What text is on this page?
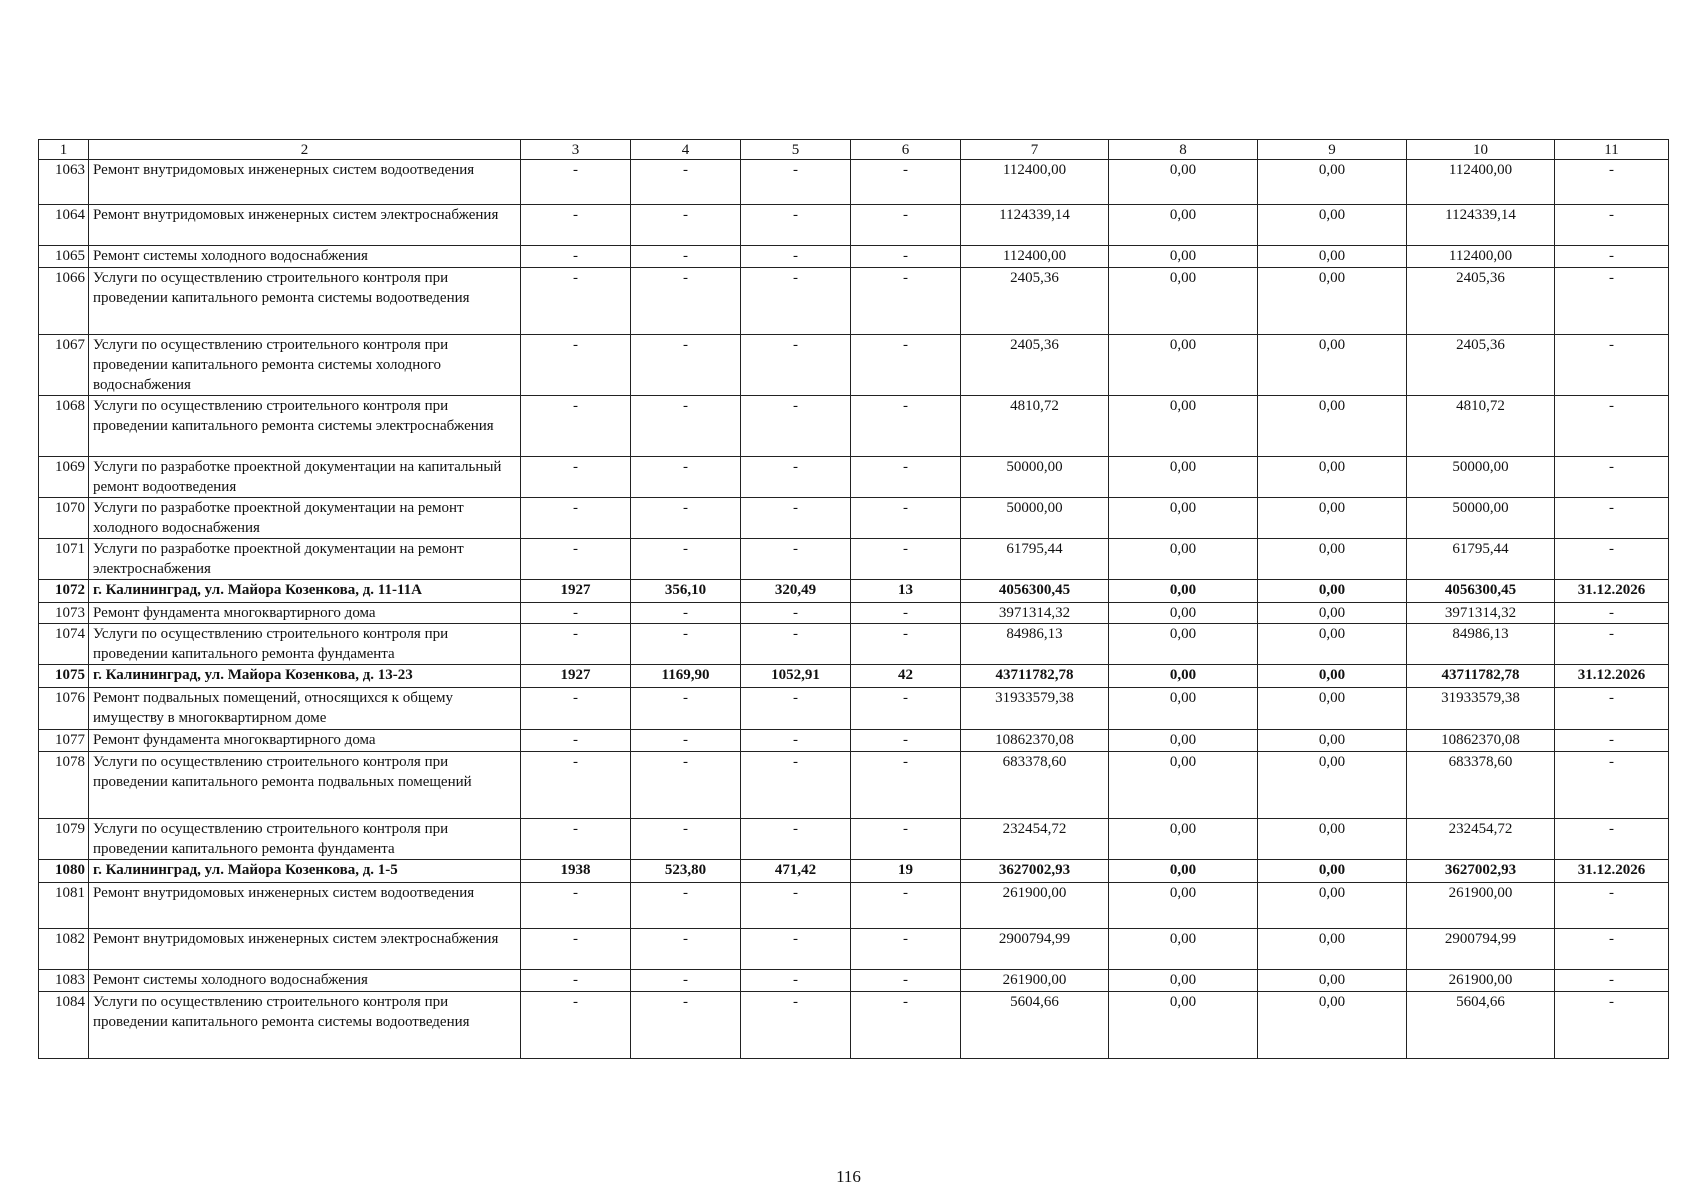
1	2	3	4	5	6	7	8	9	10	11
1063	Ремонт внутридомовых инженерных систем водоотведения	-	-	-	-	112400,00	0,00	0,00	112400,00	-
1064	Ремонт внутридомовых инженерных систем электроснабжения	-	-	-	-	1124339,14	0,00	0,00	1124339,14	-
1065	Ремонт системы холодного водоснабжения	-	-	-	-	112400,00	0,00	0,00	112400,00	-
1066	Услуги по осуществлению строительного контроля при проведении капитального ремонта системы водоотведения	-	-	-	-	2405,36	0,00	0,00	2405,36	-
1067	Услуги по осуществлению строительного контроля при проведении капитального ремонта системы холодного водоснабжения	-	-	-	-	2405,36	0,00	0,00	2405,36	-
1068	Услуги по осуществлению строительного контроля при проведении капитального ремонта системы электроснабжения	-	-	-	-	4810,72	0,00	0,00	4810,72	-
1069	Услуги по разработке проектной документации на капитальный ремонт водоотведения	-	-	-	-	50000,00	0,00	0,00	50000,00	-
1070	Услуги по разработке проектной документации на ремонт холодного водоснабжения	-	-	-	-	50000,00	0,00	0,00	50000,00	-
1071	Услуги по разработке проектной документации на ремонт электроснабжения	-	-	-	-	61795,44	0,00	0,00	61795,44	-
1072	г. Калининград, ул. Майора Козенкова, д. 11-11А	1927	356,10	320,49	13	4056300,45	0,00	0,00	4056300,45	31.12.2026
1073	Ремонт фундамента многоквартирного дома	-	-	-	-	3971314,32	0,00	0,00	3971314,32	-
1074	Услуги по осуществлению строительного контроля при проведении капитального ремонта фундамента	-	-	-	-	84986,13	0,00	0,00	84986,13	-
1075	г. Калининград, ул. Майора Козенкова, д. 13-23	1927	1169,90	1052,91	42	43711782,78	0,00	0,00	43711782,78	31.12.2026
1076	Ремонт подвальных помещений, относящихся к общему имуществу в многоквартирном доме	-	-	-	-	31933579,38	0,00	0,00	31933579,38	-
1077	Ремонт фундамента многоквартирного дома	-	-	-	-	10862370,08	0,00	0,00	10862370,08	-
1078	Услуги по осуществлению строительного контроля при проведении капитального ремонта подвальных помещений	-	-	-	-	683378,60	0,00	0,00	683378,60	-
1079	Услуги по осуществлению строительного контроля при проведении капитального ремонта фундамента	-	-	-	-	232454,72	0,00	0,00	232454,72	-
1080	г. Калининград, ул. Майора Козенкова, д. 1-5	1938	523,80	471,42	19	3627002,93	0,00	0,00	3627002,93	31.12.2026
1081	Ремонт внутридомовых инженерных систем водоотведения	-	-	-	-	261900,00	0,00	0,00	261900,00	-
1082	Ремонт внутридомовых инженерных систем электроснабжения	-	-	-	-	2900794,99	0,00	0,00	2900794,99	-
1083	Ремонт системы холодного водоснабжения	-	-	-	-	261900,00	0,00	0,00	261900,00	-
1084	Услуги по осуществлению строительного контроля при проведении капитального ремонта системы водоотведения	-	-	-	-	5604,66	0,00	0,00	5604,66	-
116
